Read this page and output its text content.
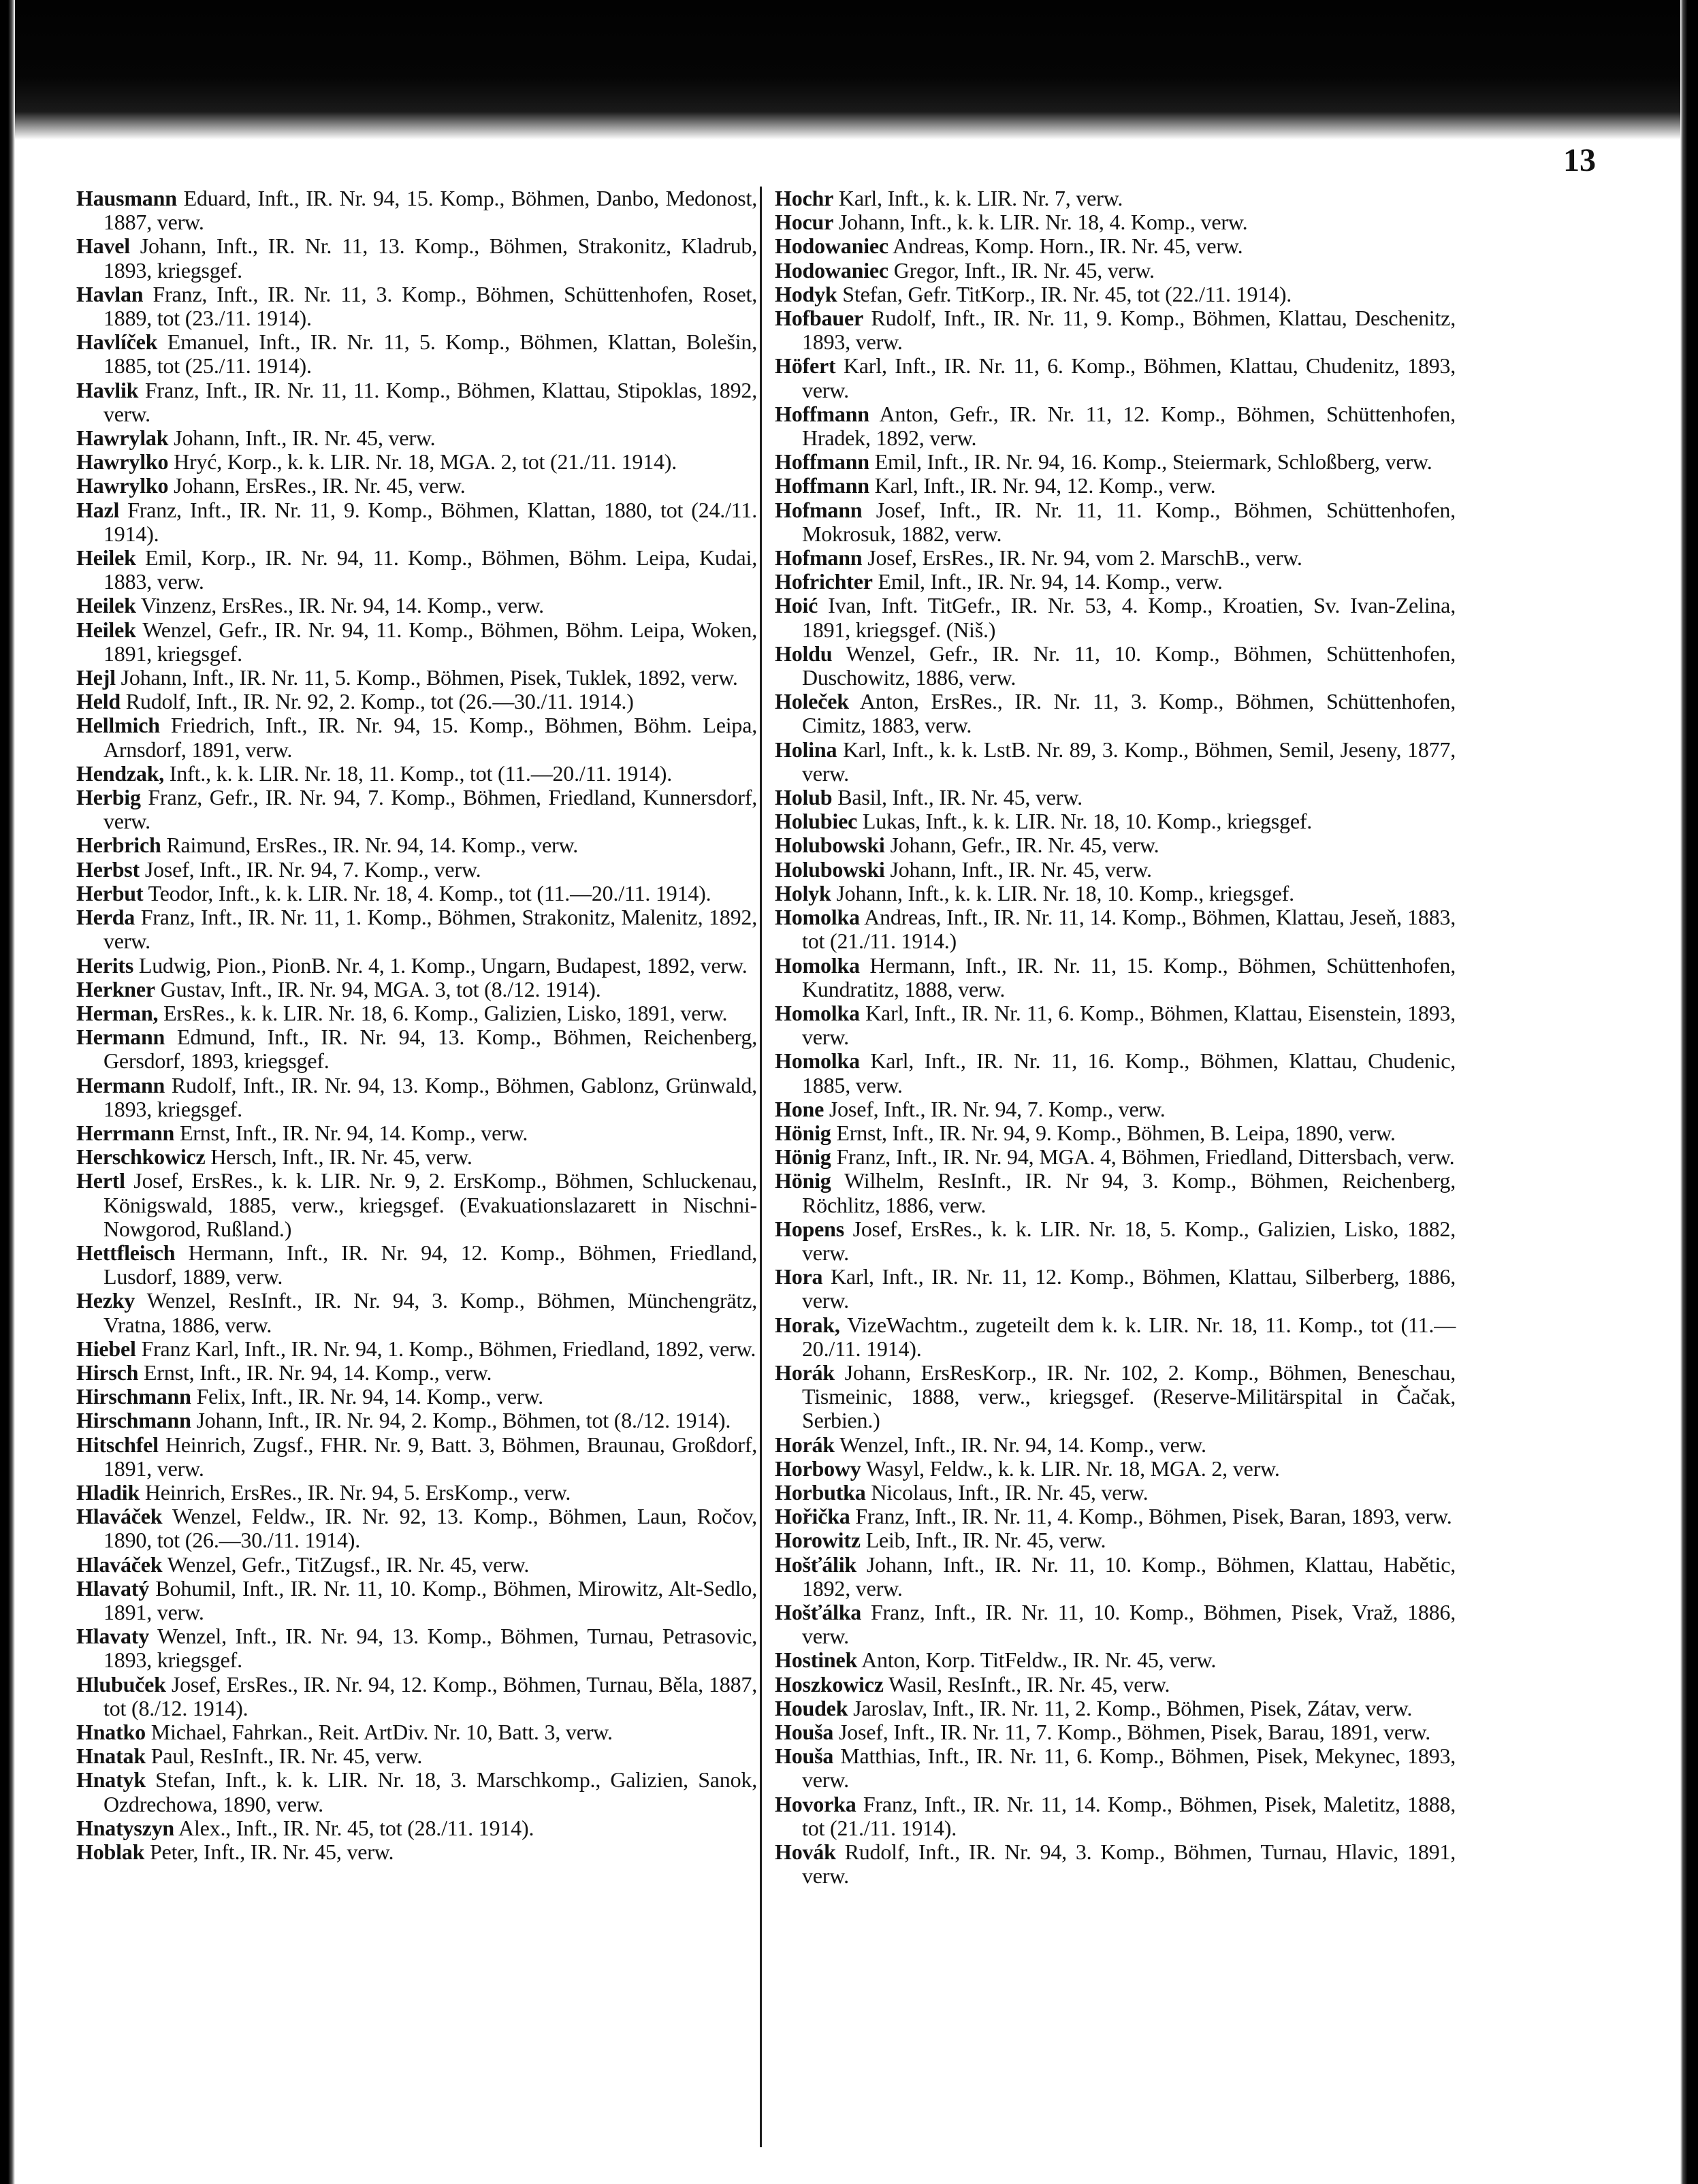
13

Hausmann Eduard, Inft., IR. Nr. 94, 15. Komp., Böhmen, Danbo, Medonost, 1887, verw.

Havel Johann, Inft., IR. Nr. 11, 13. Komp., Böhmen, Strakonitz, Kladrub, 1893, kriegsgef.

Havlan Franz, Inft., IR. Nr. 11, 3. Komp., Böhmen, Schüttenhofen, Roset, 1889, tot (23./11. 1914).

Havlíček Emanuel, Inft., IR. Nr. 11, 5. Komp., Böhmen, Klattan, Bolešin, 1885, tot (25./11. 1914).

Havlik Franz, Inft., IR. Nr. 11, 11. Komp., Böhmen, Klattau, Stipoklas, 1892, verw.

Hawrylak Johann, Inft., IR. Nr. 45, verw.

Hawrylko Hryć, Korp., k. k. LIR. Nr. 18, MGA. 2, tot (21./11. 1914).

Hawrylko Johann, ErsRes., IR. Nr. 45, verw.

Hazl Franz, Inft., IR. Nr. 11, 9. Komp., Böhmen, Klattan, 1880, tot (24./11. 1914).

Heilek Emil, Korp., IR. Nr. 94, 11. Komp., Böhmen, Böhm. Leipa, Kudai, 1883, verw.

Heilek Vinzenz, ErsRes., IR. Nr. 94, 14. Komp., verw.

Heilek Wenzel, Gefr., IR. Nr. 94, 11. Komp., Böhmen, Böhm. Leipa, Woken, 1891, kriegsgef.

Hejl Johann, Inft., IR. Nr. 11, 5. Komp., Böhmen, Pisek, Tuklek, 1892, verw.

Held Rudolf, Inft., IR. Nr. 92, 2. Komp., tot (26.—30./11. 1914.)

Hellmich Friedrich, Inft., IR. Nr. 94, 15. Komp., Böhmen, Böhm. Leipa, Arnsdorf, 1891, verw.

Hendzak, Inft., k. k. LIR. Nr. 18, 11. Komp., tot (11.—20./11. 1914).

Herbig Franz, Gefr., IR. Nr. 94, 7. Komp., Böhmen, Friedland, Kunnersdorf, verw.

Herbrich Raimund, ErsRes., IR. Nr. 94, 14. Komp., verw.

Herbst Josef, Inft., IR. Nr. 94, 7. Komp., verw.

Herbut Teodor, Inft., k. k. LIR. Nr. 18, 4. Komp., tot (11.—20./11. 1914).

Herda Franz, Inft., IR. Nr. 11, 1. Komp., Böhmen, Strakonitz, Malenitz, 1892, verw.

Herits Ludwig, Pion., PionB. Nr. 4, 1. Komp., Ungarn, Budapest, 1892, verw.

Herkner Gustav, Inft., IR. Nr. 94, MGA. 3, tot (8./12. 1914).

Herman, ErsRes., k. k. LIR. Nr. 18, 6. Komp., Galizien, Lisko, 1891, verw.

Hermann Edmund, Inft., IR. Nr. 94, 13. Komp., Böhmen, Reichenberg, Gersdorf, 1893, kriegsgef.

Hermann Rudolf, Inft., IR. Nr. 94, 13. Komp., Böhmen, Gablonz, Grünwald, 1893, kriegsgef.

Herrmann Ernst, Inft., IR. Nr. 94, 14. Komp., verw.

Herschkowicz Hersch, Inft., IR. Nr. 45, verw.

Hertl Josef, ErsRes., k. k. LIR. Nr. 9, 2. ErsKomp., Böhmen, Schluckenau, Königswald, 1885, verw., kriegsgef. (Evakuationslazarett in Nischni-Nowgorod, Rußland.)

Hettfleisch Hermann, Inft., IR. Nr. 94, 12. Komp., Böhmen, Friedland, Lusdorf, 1889, verw.

Hezky Wenzel, ResInft., IR. Nr. 94, 3. Komp., Böhmen, Münchengrätz, Vratna, 1886, verw.

Hiebel Franz Karl, Inft., IR. Nr. 94, 1. Komp., Böhmen, Friedland, 1892, verw.

Hirsch Ernst, Inft., IR. Nr. 94, 14. Komp., verw.

Hirschmann Felix, Inft., IR. Nr. 94, 14. Komp., verw.

Hirschmann Johann, Inft., IR. Nr. 94, 2. Komp., Böhmen, tot (8./12. 1914).

Hitschfel Heinrich, Zugsf., FHR. Nr. 9, Batt. 3, Böhmen, Braunau, Großdorf, 1891, verw.

Hladik Heinrich, ErsRes., IR. Nr. 94, 5. ErsKomp., verw.

Hlaváček Wenzel, Feldw., IR. Nr. 92, 13. Komp., Böhmen, Laun, Ročov, 1890, tot (26.—30./11. 1914).

Hlaváček Wenzel, Gefr., TitZugsf., IR. Nr. 45, verw.

Hlavatý Bohumil, Inft., IR. Nr. 11, 10. Komp., Böhmen, Mirowitz, Alt-Sedlo, 1891, verw.

Hlavaty Wenzel, Inft., IR. Nr. 94, 13. Komp., Böhmen, Turnau, Petrasovic, 1893, kriegsgef.

Hlubuček Josef, ErsRes., IR. Nr. 94, 12. Komp., Böhmen, Turnau, Běla, 1887, tot (8./12. 1914).

Hnatko Michael, Fahrkan., Reit. ArtDiv. Nr. 10, Batt. 3, verw.

Hnatak Paul, ResInft., IR. Nr. 45, verw.

Hnatyk Stefan, Inft., k. k. LIR. Nr. 18, 3. Marschkomp., Galizien, Sanok, Ozdrechowa, 1890, verw.

Hnatyszyn Alex., Inft., IR. Nr. 45, tot (28./11. 1914).

Hoblak Peter, Inft., IR. Nr. 45, verw.

Hochr Karl, Inft., k. k. LIR. Nr. 7, verw.

Hocur Johann, Inft., k. k. LIR. Nr. 18, 4. Komp., verw.

Hodowaniec Andreas, Komp. Horn., IR. Nr. 45, verw.

Hodowaniec Gregor, Inft., IR. Nr. 45, verw.

Hodyk Stefan, Gefr. TitKorp., IR. Nr. 45, tot (22./11. 1914).

Hofbauer Rudolf, Inft., IR. Nr. 11, 9. Komp., Böhmen, Klattau, Deschenitz, 1893, verw.

Höfert Karl, Inft., IR. Nr. 11, 6. Komp., Böhmen, Klattau, Chudenitz, 1893, verw.

Hoffmann Anton, Gefr., IR. Nr. 11, 12. Komp., Böhmen, Schüttenhofen, Hradek, 1892, verw.

Hoffmann Emil, Inft., IR. Nr. 94, 16. Komp., Steiermark, Schloßberg, verw.

Hoffmann Karl, Inft., IR. Nr. 94, 12. Komp., verw.

Hofmann Josef, Inft., IR. Nr. 11, 11. Komp., Böhmen, Schüttenhofen, Mokrosuk, 1882, verw.

Hofmann Josef, ErsRes., IR. Nr. 94, vom 2. MarschB., verw.

Hofrichter Emil, Inft., IR. Nr. 94, 14. Komp., verw.

Hoić Ivan, Inft. TitGefr., IR. Nr. 53, 4. Komp., Kroatien, Sv. Ivan-Zelina, 1891, kriegsgef. (Niš.)

Holdu Wenzel, Gefr., IR. Nr. 11, 10. Komp., Böhmen, Schüttenhofen, Duschowitz, 1886, verw.

Holeček Anton, ErsRes., IR. Nr. 11, 3. Komp., Böhmen, Schüttenhofen, Cimitz, 1883, verw.

Holina Karl, Inft., k. k. LstB. Nr. 89, 3. Komp., Böhmen, Semil, Jeseny, 1877, verw.

Holub Basil, Inft., IR. Nr. 45, verw.

Holubiec Lukas, Inft., k. k. LIR. Nr. 18, 10. Komp., kriegsgef.

Holubowski Johann, Gefr., IR. Nr. 45, verw.

Holubowski Johann, Inft., IR. Nr. 45, verw.

Holyk Johann, Inft., k. k. LIR. Nr. 18, 10. Komp., kriegsgef.

Homolka Andreas, Inft., IR. Nr. 11, 14. Komp., Böhmen, Klattau, Jeseň, 1883, tot (21./11. 1914.)

Homolka Hermann, Inft., IR. Nr. 11, 15. Komp., Böhmen, Schüttenhofen, Kundratitz, 1888, verw.

Homolka Karl, Inft., IR. Nr. 11, 6. Komp., Böhmen, Klattau, Eisenstein, 1893, verw.

Homolka Karl, Inft., IR. Nr. 11, 16. Komp., Böhmen, Klattau, Chudenic, 1885, verw.

Hone Josef, Inft., IR. Nr. 94, 7. Komp., verw.

Hönig Ernst, Inft., IR. Nr. 94, 9. Komp., Böhmen, B. Leipa, 1890, verw.

Hönig Franz, Inft., IR. Nr. 94, MGA. 4, Böhmen, Friedland, Dittersbach, verw.

Hönig Wilhelm, ResInft., IR. Nr 94, 3. Komp., Böhmen, Reichenberg, Röchlitz, 1886, verw.

Hopens Josef, ErsRes., k. k. LIR. Nr. 18, 5. Komp., Galizien, Lisko, 1882, verw.

Hora Karl, Inft., IR. Nr. 11, 12. Komp., Böhmen, Klattau, Silberberg, 1886, verw.

Horak, VizeWachtm., zugeteilt dem k. k. LIR. Nr. 18, 11. Komp., tot (11.—20./11. 1914).

Horák Johann, ErsResKorp., IR. Nr. 102, 2. Komp., Böhmen, Beneschau, Tismeinic, 1888, verw., kriegsgef. (Reserve-Militärspital in Čačak, Serbien.)

Horák Wenzel, Inft., IR. Nr. 94, 14. Komp., verw.

Horbowy Wasyl, Feldw., k. k. LIR. Nr. 18, MGA. 2, verw.

Horbutka Nicolaus, Inft., IR. Nr. 45, verw.

Hořička Franz, Inft., IR. Nr. 11, 4. Komp., Böhmen, Pisek, Baran, 1893, verw.

Horowitz Leib, Inft., IR. Nr. 45, verw.

Hošťálik Johann, Inft., IR. Nr. 11, 10. Komp., Böhmen, Klattau, Habětic, 1892, verw.

Hošťálka Franz, Inft., IR. Nr. 11, 10. Komp., Böhmen, Pisek, Vraž, 1886, verw.

Hostinek Anton, Korp. TitFeldw., IR. Nr. 45, verw.

Hoszkowicz Wasil, ResInft., IR. Nr. 45, verw.

Houdek Jaroslav, Inft., IR. Nr. 11, 2. Komp., Böhmen, Pisek, Zátav, verw.

Houša Josef, Inft., IR. Nr. 11, 7. Komp., Böhmen, Pisek, Barau, 1891, verw.

Houša Matthias, Inft., IR. Nr. 11, 6. Komp., Böhmen, Pisek, Mekynec, 1893, verw.

Hovorka Franz, Inft., IR. Nr. 11, 14. Komp., Böhmen, Pisek, Maletitz, 1888, tot (21./11. 1914).

Hovák Rudolf, Inft., IR. Nr. 94, 3. Komp., Böhmen, Turnau, Hlavic, 1891, verw.
